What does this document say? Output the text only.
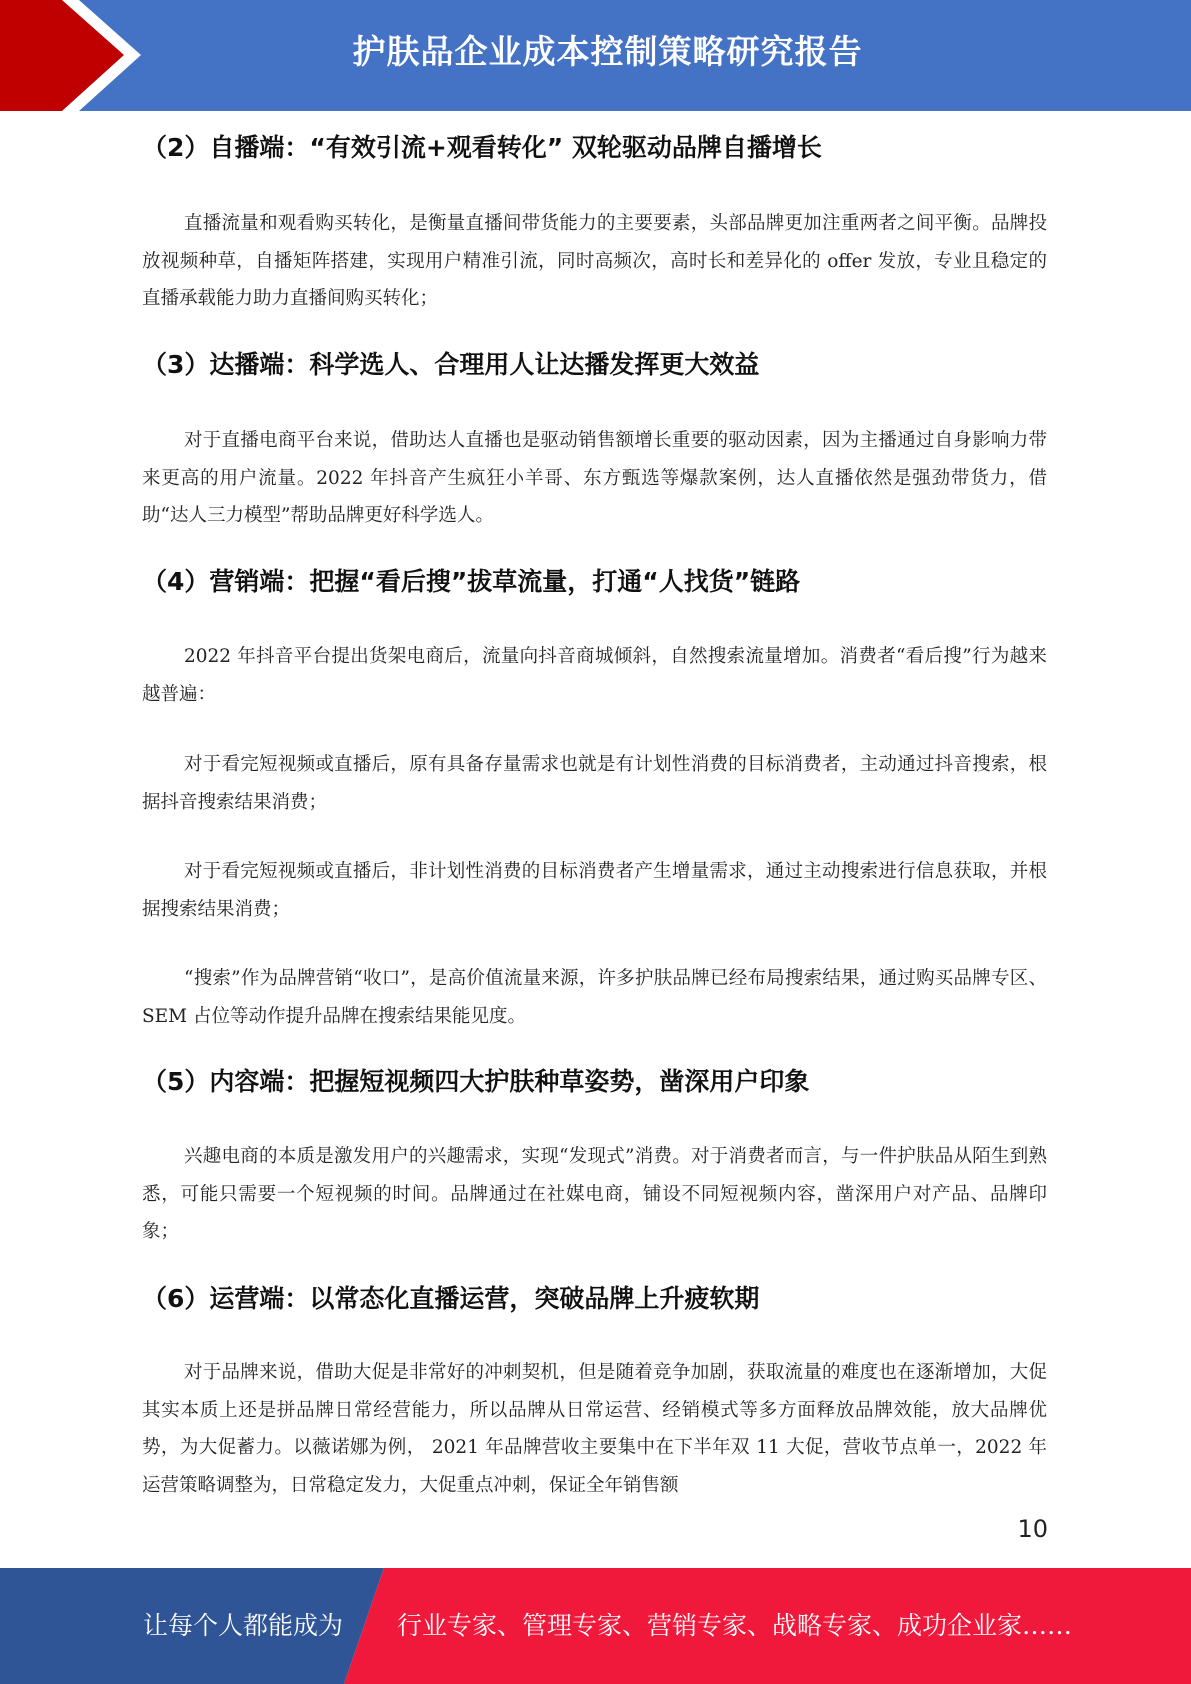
护肤品企业成本控制策略研究报告
（2）自播端：“有效引流+观看转化” 双轮驱动品牌自播增长

直播流量和观看购买转化，是衡量直播间带货能力的主要要素，头部品牌更加注重两者之间平衡。品牌投放视频种草，自播矩阵搭建，实现用户精准引流，同时高频次，高时长和差异化的 offer 发放，专业且稳定的直播承载能力助力直播间购买转化；

（3）达播端：科学选人、合理用人让达播发挥更大效益

对于直播电商平台来说，借助达人直播也是驱动销售额增长重要的驱动因素，因为主播通过自身影响力带来更高的用户流量。2022 年抖音产生疯狂小羊哥、东方甄选等爆款案例，达人直播依然是强劲带货力，借助“达人三力模型”帮助品牌更好科学选人。

（4）营销端：把握“看后搜”拔草流量，打通“人找货”链路

2022 年抖音平台提出货架电商后，流量向抖音商城倾斜，自然搜索流量增加。消费者“看后搜”行为越来越普遍：

对于看完短视频或直播后，原有具备存量需求也就是有计划性消费的目标消费者，主动通过抖音搜索，根据抖音搜索结果消费；

对于看完短视频或直播后，非计划性消费的目标消费者产生增量需求，通过主动搜索进行信息获取，并根据搜索结果消费；

“搜索”作为品牌营销“收口”，是高价值流量来源，许多护肤品牌已经布局搜索结果，通过购买品牌专区、SEM 占位等动作提升品牌在搜索结果能见度。

（5）内容端：把握短视频四大护肤种草姿势，凿深用户印象

兴趣电商的本质是激发用户的兴趣需求，实现“发现式”消费。对于消费者而言，与一件护肤品从陌生到熟悉，可能只需要一个短视频的时间。品牌通过在社媒电商，铺设不同短视频内容，凿深用户对产品、品牌印象；

（6）运营端：以常态化直播运营，突破品牌上升疲软期

对于品牌来说，借助大促是非常好的冲刺契机，但是随着竞争加剧，获取流量的难度也在逐渐增加，大促其实本质上还是拼品牌日常经营能力，所以品牌从日常运营、经销模式等多方面释放品牌效能，放大品牌优势，为大促蓄力。以薇诺娜为例， 2021 年品牌营收主要集中在下半年双 11 大促，营收节点单一，2022 年运营策略调整为，日常稳定发力，大促重点冲刺，保证全年销售额

10
让每个人都能成为 行业专家、管理专家、营销专家、战略专家、成功企业家……
